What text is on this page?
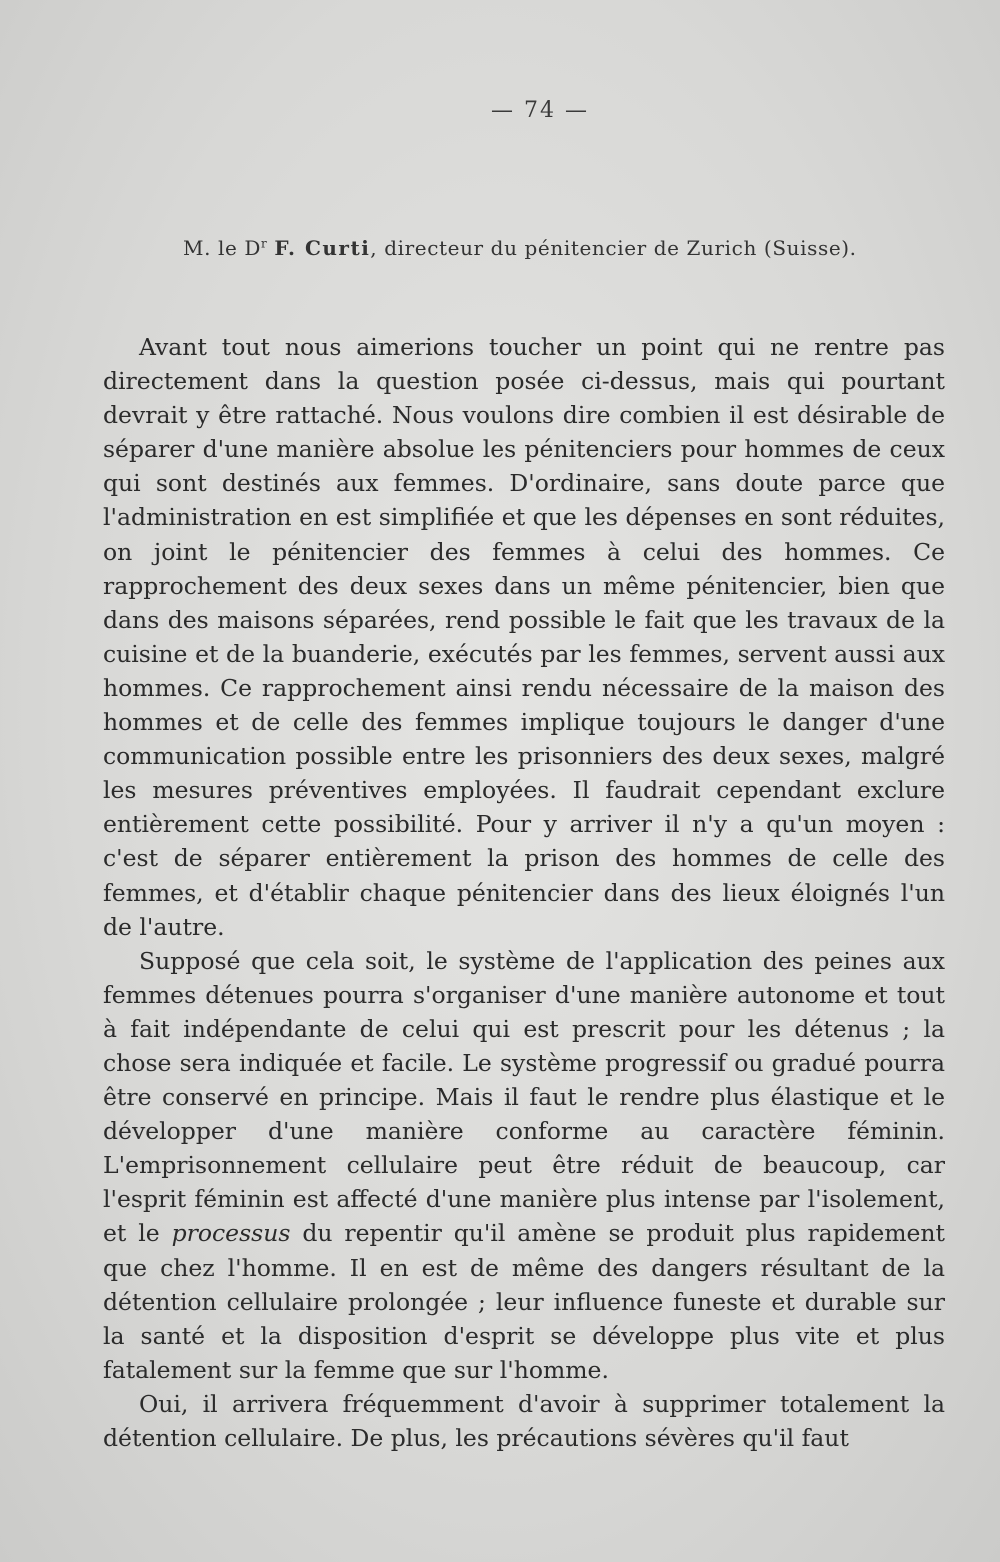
— 74 —
M. le $D^r$ F. Curti, directeur du pénitencier de Zurich (Suisse).

Avant tout nous aimerions toucher un point qui ne rentre pas directement dans la question posée ci-dessus, mais qui pourtant devrait y être rattaché. Nous voulons dire combien il est désirable de séparer d'une manière absolue les pénitenciers pour hommes de ceux qui sont destinés aux femmes. D'ordinaire, sans doute parce que l'administration en est simplifiée et que les dépenses en sont réduites, on joint le pénitencier des femmes à celui des hommes. Ce rapprochement des deux sexes dans un même pénitencier, bien que dans des maisons séparées, rend possible le fait que les travaux de la cuisine et de la buanderie, exécutés par les femmes, servent aussi aux hommes. Ce rapprochement ainsi rendu nécessaire de la maison des hommes et de celle des femmes implique toujours le danger d'une communication possible entre les prisonniers des deux sexes, malgré les mesures préventives employées. Il faudrait cependant exclure entièrement cette possibilité. Pour y arriver il n'y a qu'un moyen : c'est de séparer entièrement la prison des hommes de celle des femmes, et d'établir chaque pénitencier dans des lieux éloignés l'un de l'autre.

Supposé que cela soit, le système de l'application des peines aux femmes détenues pourra s'organiser d'une manière autonome et tout à fait indépendante de celui qui est prescrit pour les détenus ; la chose sera indiquée et facile. Le système progressif ou gradué pourra être conservé en principe. Mais il faut le rendre plus élastique et le développer d'une manière conforme au caractère féminin. L'emprisonnement cellulaire peut être réduit de beaucoup, car l'esprit féminin est affecté d'une manière plus intense par l'isolement, et le processus du repentir qu'il amène se produit plus rapidement que chez l'homme. Il en est de même des dangers résultant de la détention cellulaire prolongée ; leur influence funeste et durable sur la santé et la disposition d'esprit se développe plus vite et plus fatalement sur la femme que sur l'homme.

Oui, il arrivera fréquemment d'avoir à supprimer totalement la détention cellulaire. De plus, les précautions sévères qu'il faut
